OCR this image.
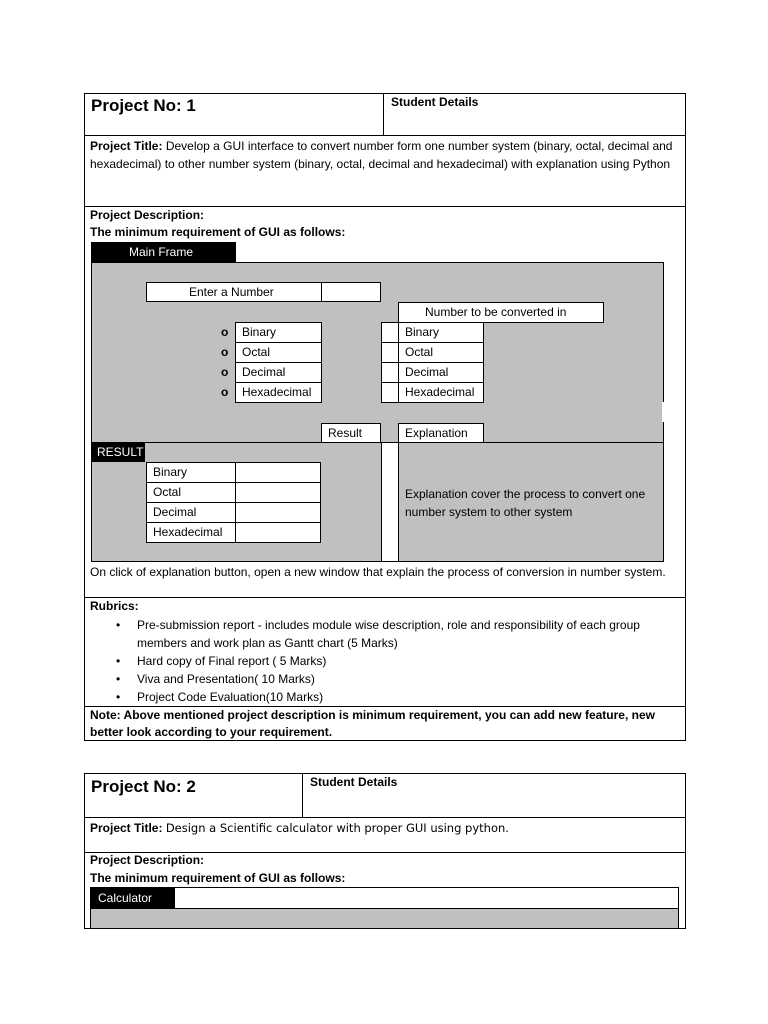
Project No: 1	Student Details
Project Title: Develop a GUI interface to convert number form one number system (binary, octal, decimal and hexadecimal) to other number system (binary, octal, decimal and hexadecimal) with explanation using Python
Project Description:
The minimum requirement of GUI as follows:
Main Frame
Enter a Number
Number to be converted in
o
o
o
o
Binary
Octal
Decimal
Hexadecimal
Binary
Octal
Decimal
Hexadecimal
Result	Explanation
RESULT
Binary
Octal
Decimal
Hexadecimal
Explanation cover the process to convert one number system to other system
On click of explanation button, open a new window that explain the process of conversion in number system.
Rubrics:
• Pre-submission report - includes module wise description, role and responsibility of each group members and work plan as Gantt chart (5 Marks)
• Hard copy of Final report ( 5 Marks)
• Viva and Presentation( 10 Marks)
• Project Code Evaluation(10 Marks)
Note: Above mentioned project description is minimum requirement, you can add new feature, new better look according to your requirement.
Project No: 2	Student Details
Project Title: Design a Scientific calculator with proper GUI using python.
Project Description:
The minimum requirement of GUI as follows:
Calculator
